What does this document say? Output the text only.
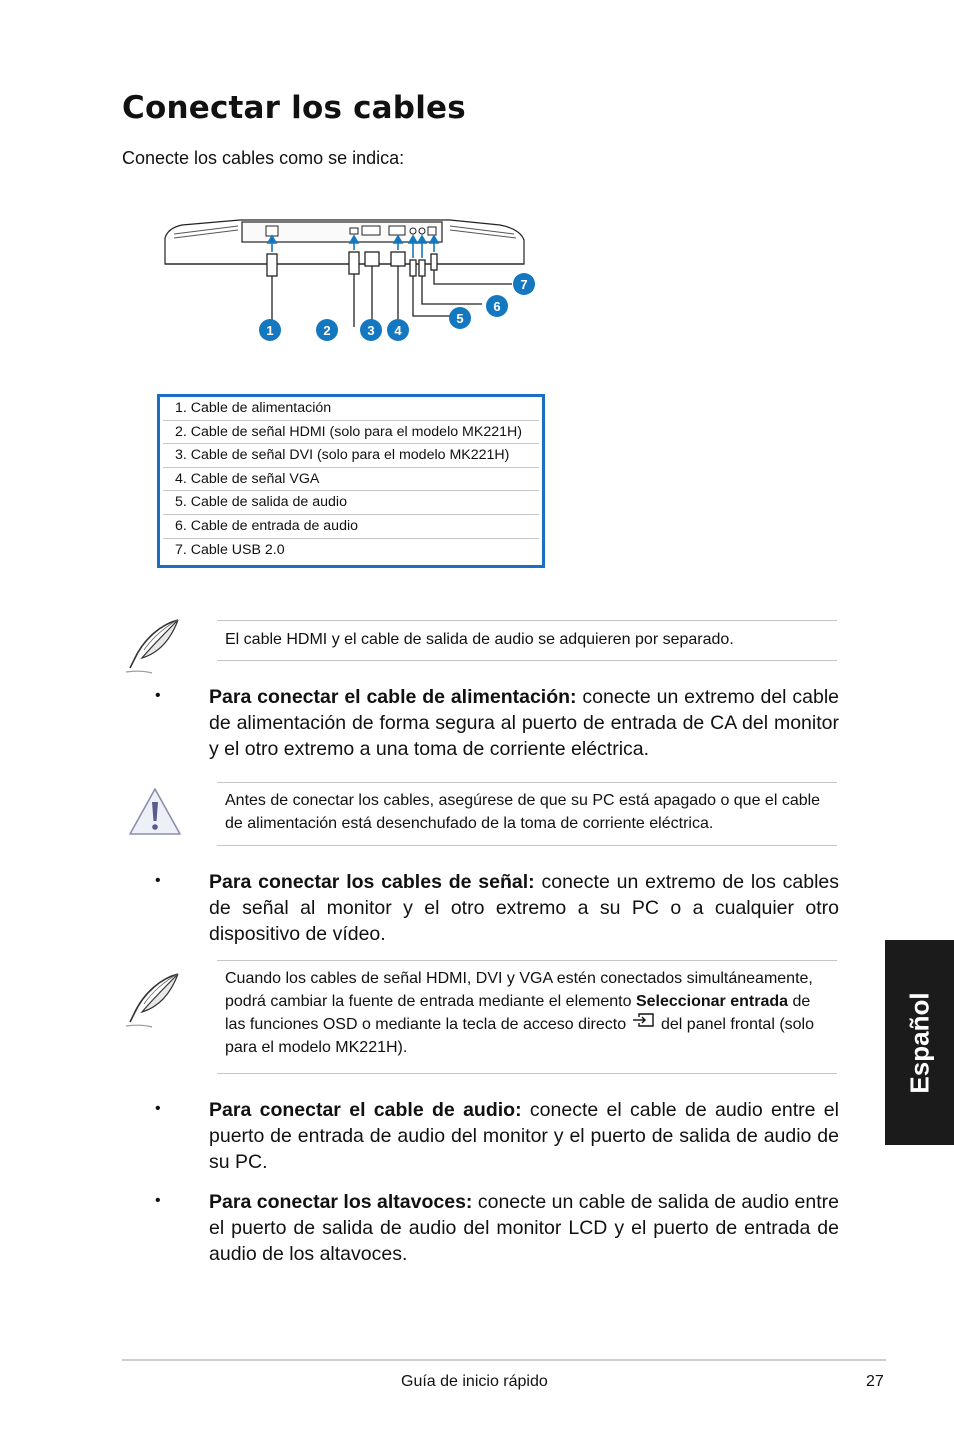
Conectar los cables
Conecte los cables como se indica:
1	2	3 4
5
6
7
1. Cable de alimentación
2. Cable de señal HDMI (solo para el modelo MK221H)
3. Cable de señal DVI (solo para el modelo MK221H)
4. Cable de señal VGA
5. Cable de salida de audio
6. Cable de entrada de audio
7. Cable USB 2.0
El cable HDMI y el cable de salida de audio se adquieren por separado.
• Para conectar el cable de alimentación: conecte un extremo del cable de alimentación de forma segura al puerto de entrada de CA del monitor y el otro extremo a una toma de corriente eléctrica.
Antes de conectar los cables, asegúrese de que su PC está apagado o que el cable de alimentación está desenchufado de la toma de corriente eléctrica.
• Para conectar los cables de señal: conecte un extremo de los cables de señal al monitor y el otro extremo a su PC o a cualquier otro dispositivo de vídeo.
Cuando los cables de señal HDMI, DVI y VGA estén conectados simultáneamente, podrá cambiar la fuente de entrada mediante el elemento Seleccionar entrada de las funciones OSD o mediante la tecla de acceso directo  del panel frontal (solo para el modelo MK221H).
• Para conectar el cable de audio: conecte el cable de audio entre el puerto de entrada de audio del monitor y el puerto de salida de audio de su PC.
• Para conectar los altavoces: conecte un cable de salida de audio entre el puerto de salida de audio del monitor LCD y el puerto de entrada de audio de los altavoces.
Español
Guía de inicio rápido	27
